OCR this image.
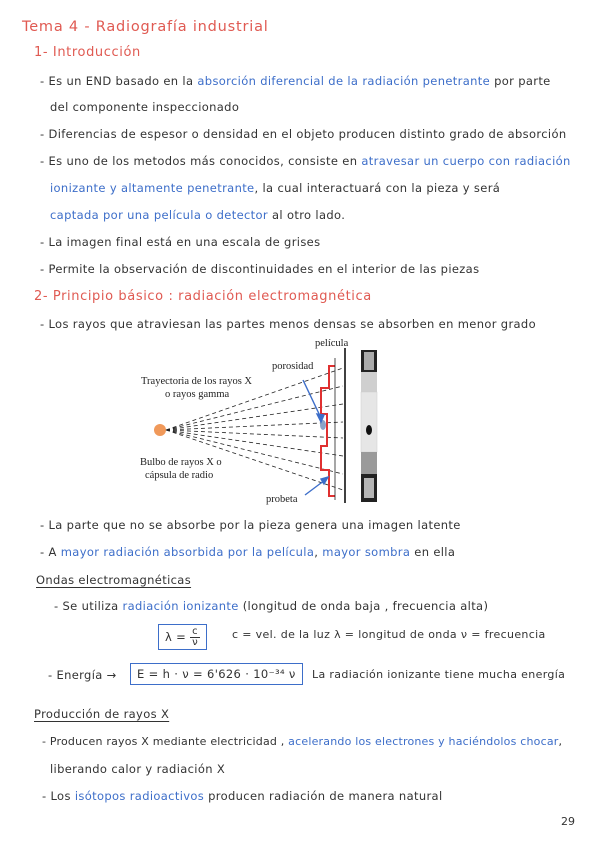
Tema 4 - Radiografía industrial
1- Introducción
- Es un END basado en la absorción diferencial de la radiación penetrante por parte
del componente inspeccionado
- Diferencias de espesor o densidad en el objeto producen distinto grado de absorción
- Es uno de los metodos más conocidos, consiste en atravesar un cuerpo con radiación
ionizante y altamente penetrante, la cual interactuará con la pieza y será
captada por una película o detector al otro lado.
- La imagen final está en una escala de grises
- Permite la observación de discontinuidades en el interior de las piezas
2- Principio básico : radiación electromagnética
- Los rayos que atraviesan las partes menos densas se absorben en menor grado
película
porosidad
Trayectoria de los rayos X
o rayos gamma
Bulbo de rayos X o
cápsula de radio
probeta
- La parte que no se absorbe por la pieza genera una imagen latente
- A mayor radiación absorbida por la película, mayor sombra en ella
Ondas electromagnéticas
- Se utiliza radiación ionizante (longitud de onda baja , frecuencia alta)
$\lambda = \frac{c}{\nu}$	c = vel. de la luz λ = longitud de onda ν = frecuencia
- Energía →	E = h · ν = 6'626 · 10⁻³⁴ ν	La radiación ionizante tiene mucha energía
Producción de rayos X
- Producen rayos X mediante electricidad , acelerando los electrones y haciéndolos chocar,
liberando calor y radiación X
- Los isótopos radioactivos producen radiación de manera natural
29
